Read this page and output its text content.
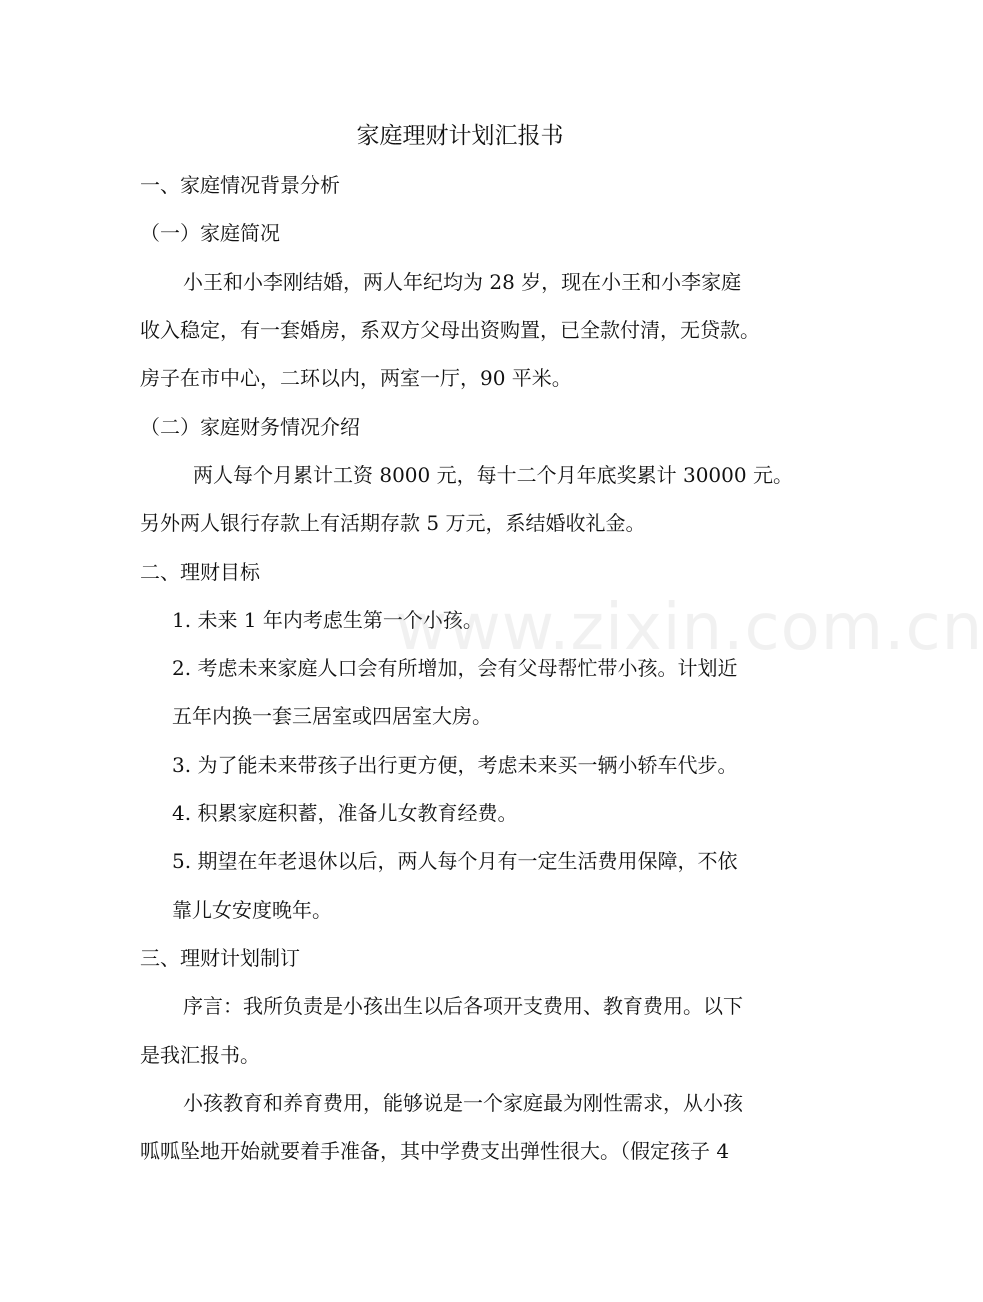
家庭理财计划汇报书
一、家庭情况背景分析
（一）家庭简况
小王和小李刚结婚，两人年纪均为 28 岁，现在小王和小李家庭
收入稳定，有一套婚房，系双方父母出资购置，已全款付清，无贷款。
房子在市中心，二环以内，两室一厅，90 平米。
（二）家庭财务情况介绍
两人每个月累计工资 8000 元，每十二个月年底奖累计 30000 元。
另外两人银行存款上有活期存款 5 万元，系结婚收礼金。
二、理财目标
1. 未来 1 年内考虑生第一个小孩。
2. 考虑未来家庭人口会有所增加，会有父母帮忙带小孩。计划近
五年内换一套三居室或四居室大房。
3. 为了能未来带孩子出行更方便，考虑未来买一辆小轿车代步。
4. 积累家庭积蓄，准备儿女教育经费。
5. 期望在年老退休以后，两人每个月有一定生活费用保障，不依
靠儿女安度晚年。
三、理财计划制订
序言：我所负责是小孩出生以后各项开支费用、教育费用。以下
是我汇报书。
小孩教育和养育费用，能够说是一个家庭最为刚性需求，从小孩
呱呱坠地开始就要着手准备，其中学费支出弹性很大。（假定孩子 4
www.zixin.com.cn
